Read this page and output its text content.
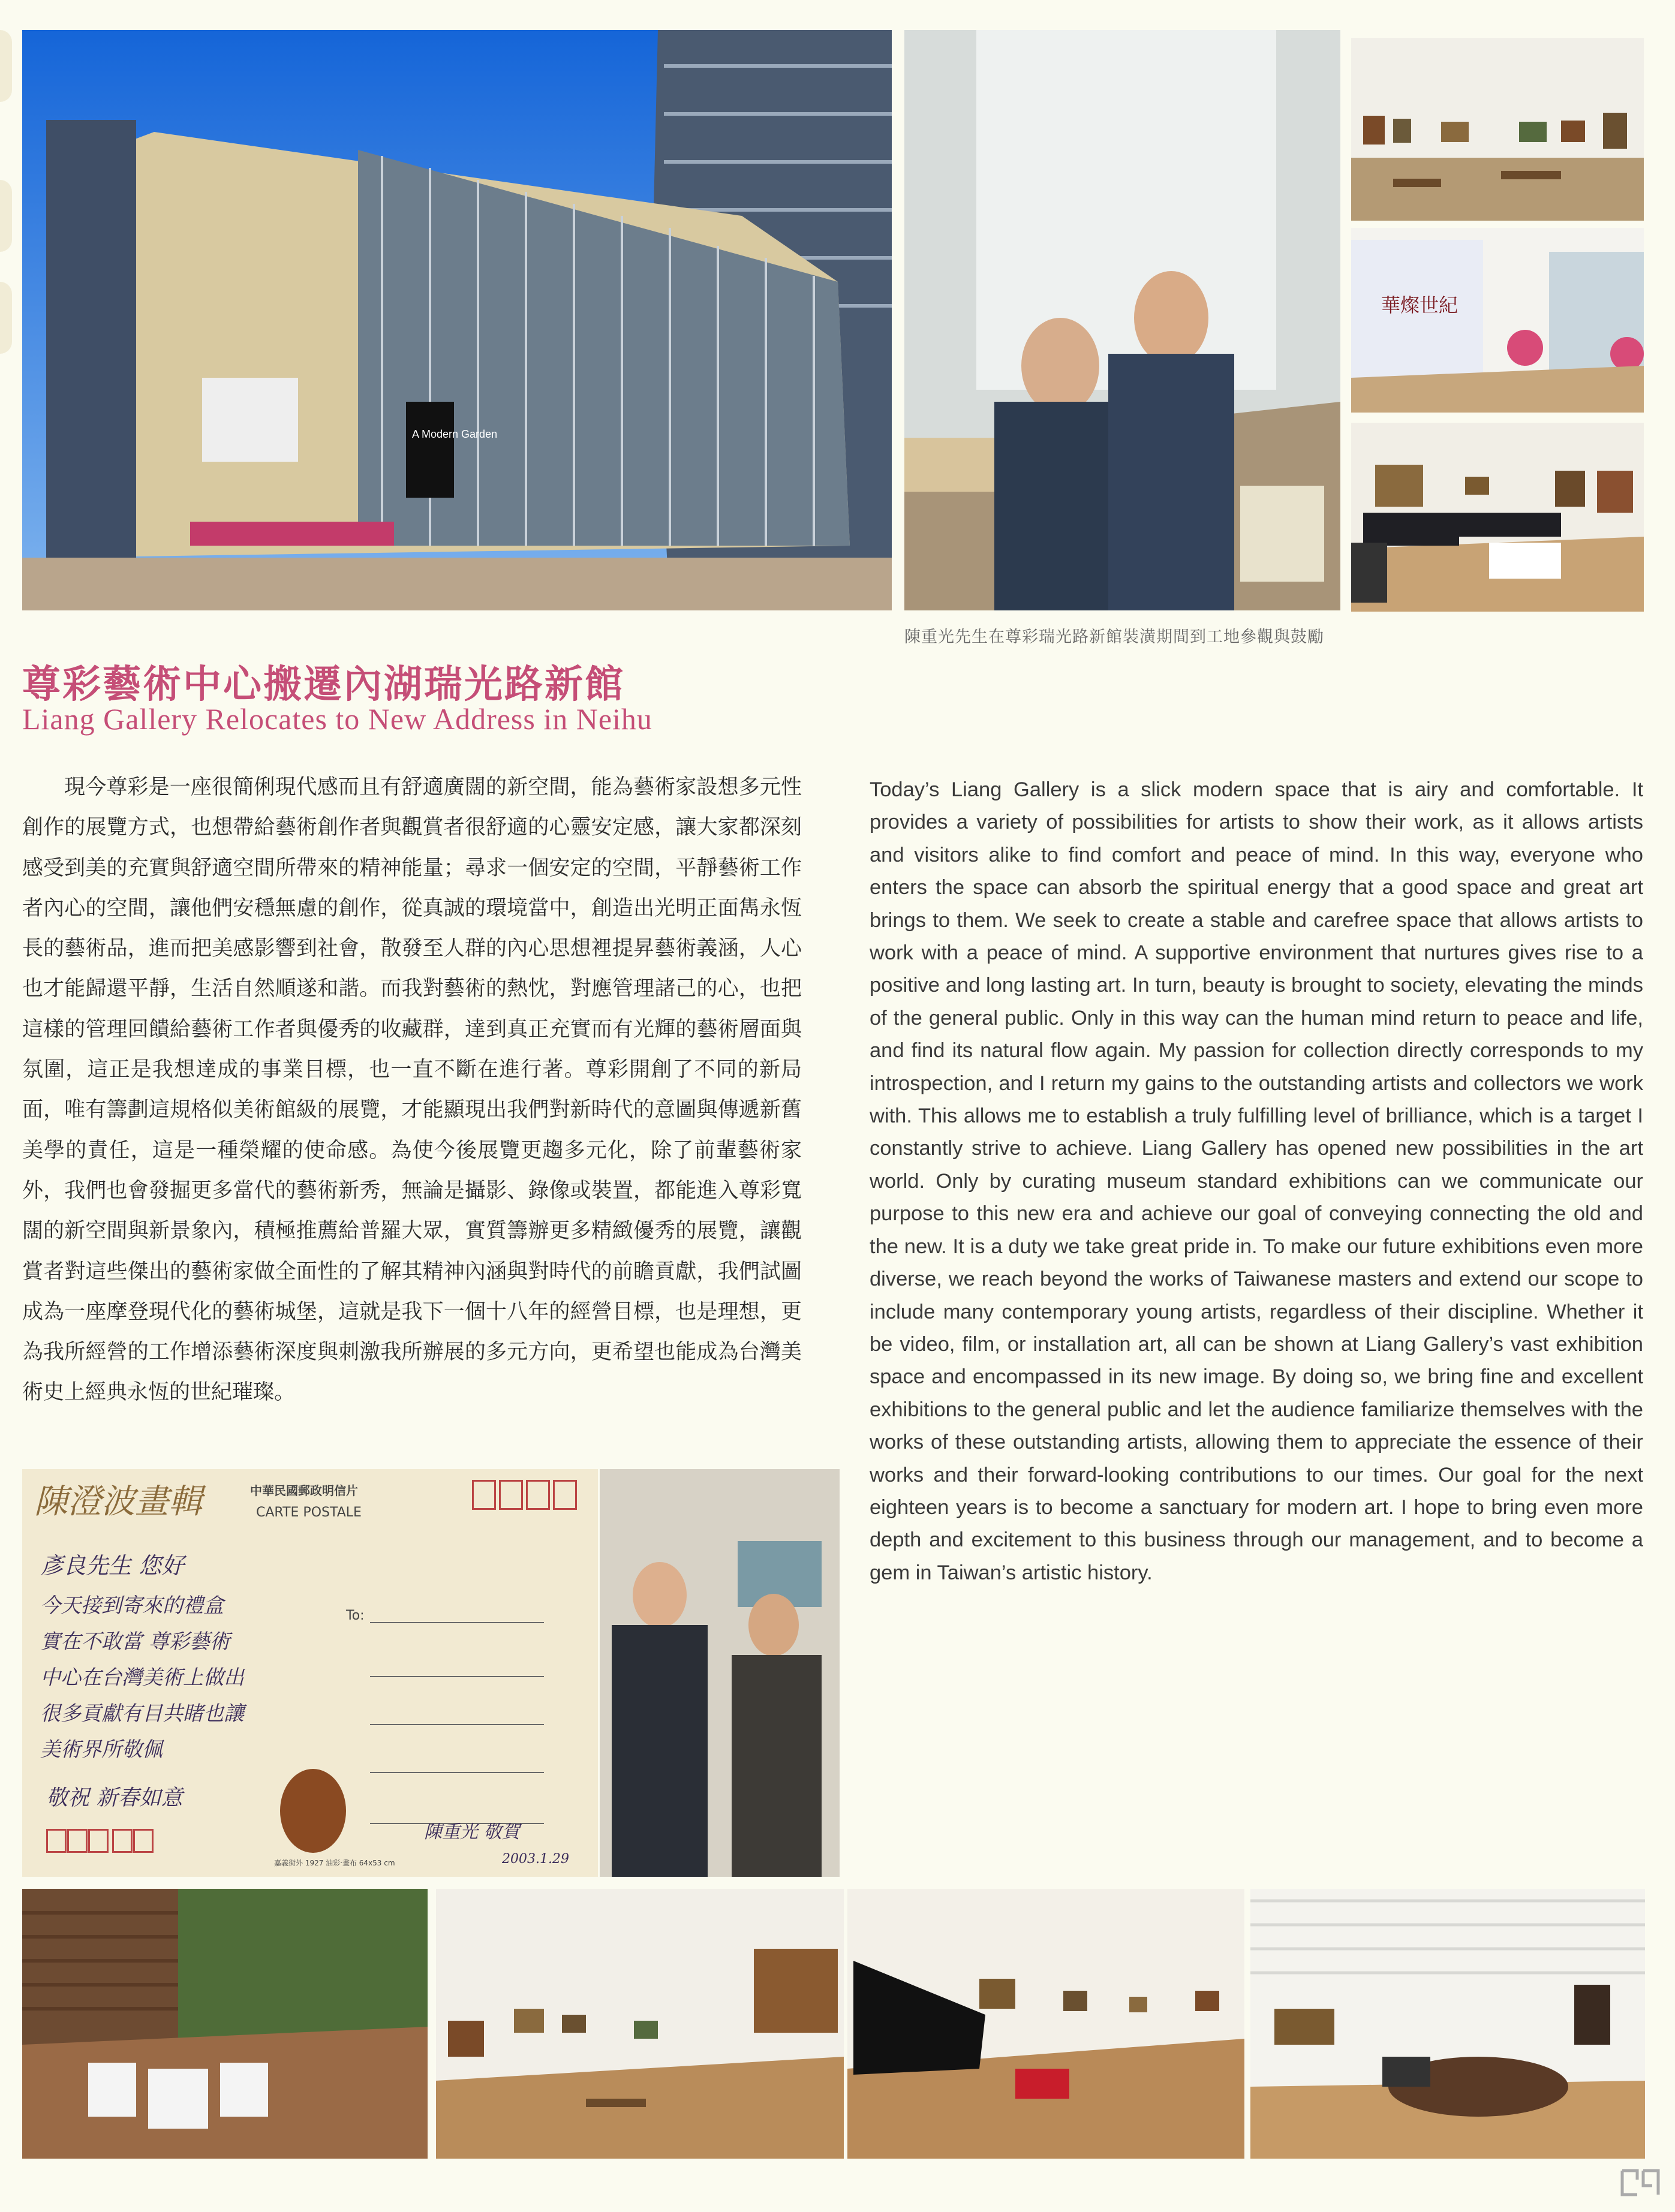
A Modern Garden
華燦世紀
陳重光先生在尊彩瑞光路新館裝潢期間到工地參觀與鼓勵
尊彩藝術中心搬遷內湖瑞光路新館
Liang Gallery Relocates to New Address in Neihu

現今尊彩是一座很簡俐現代感而且有舒適廣闊的新空間，能為藝術家設想多元性創作的展覽方式，也想帶給藝術創作者與觀賞者很舒適的心靈安定感，讓大家都深刻感受到美的充實與舒適空間所帶來的精神能量；尋求一個安定的空間，平靜藝術工作者內心的空間，讓他們安穩無慮的創作，從真誠的環境當中，創造出光明正面雋永恆長的藝術品，進而把美感影響到社會，散發至人群的內心思想裡提昇藝術義涵，人心也才能歸還平靜，生活自然順遂和諧。而我對藝術的熱忱，對應管理諸己的心，也把這樣的管理回饋給藝術工作者與優秀的收藏群，達到真正充實而有光輝的藝術層面與氛圍，這正是我想達成的事業目標，也一直不斷在進行著。尊彩開創了不同的新局面，唯有籌劃這規格似美術館級的展覽，才能顯現出我們對新時代的意圖與傳遞新舊美學的責任，這是一種榮耀的使命感。為使今後展覽更趨多元化，除了前輩藝術家外，我們也會發掘更多當代的藝術新秀，無論是攝影、錄像或裝置，都能進入尊彩寬闊的新空間與新景象內，積極推薦給普羅大眾，實質籌辦更多精緻優秀的展覽，讓觀賞者對這些傑出的藝術家做全面性的了解其精神內涵與對時代的前瞻貢獻，我們試圖成為一座摩登現代化的藝術城堡，這就是我下一個十八年的經營目標，也是理想，更為我所經營的工作增添藝術深度與刺激我所辦展的多元方向，更希望也能成為台灣美術史上經典永恆的世紀璀璨。

Today’s Liang Gallery is a slick modern space that is airy and comfortable. It provides a variety of possibilities for artists to show their work, as it allows artists and visitors alike to find comfort and peace of mind. In this way, everyone who enters the space can absorb the spiritual energy that a good space and great art brings to them. We seek to create a stable and carefree space that allows artists to work with a peace of mind. A supportive environment that nurtures gives rise to a positive and long lasting art. In turn, beauty is brought to society, elevating the minds of the general public. Only in this way can the human mind return to peace and life, and find its natural flow again. My passion for collection directly corresponds to my introspection, and I return my gains to the outstanding artists and collectors we work with. This allows me to establish a truly fulfilling level of brilliance, which is a target I constantly strive to achieve. Liang Gallery has opened new possibilities in the art world. Only by curating museum standard exhibitions can we communicate our purpose to this new era and achieve our goal of conveying connecting the old and the new. It is a duty we take great pride in. To make our future exhibitions even more diverse, we reach beyond the works of Taiwanese masters and extend our scope to include many contemporary young artists, regardless of their discipline. Whether it be video, film, or installation art, all can be shown at Liang Gallery’s vast exhibition space and encompassed in its new image. By doing so, we bring fine and excellent exhibitions to the general public and let the audience familiarize themselves with the works of these outstanding artists, allowing them to appreciate the essence of their works and their forward-looking contributions to our times. Our goal for the next eighteen years is to become a sanctuary for modern art. I hope to bring even more depth and excitement to this business through our management, and to become a gem in Taiwan’s artistic history.

陳澄波畫輯	中華民國郵政明信片
CARTE POSTALE
彥良先生 您好
今天接到寄來的禮盒
實在不敢當 尊彩藝術
中心在台灣美術上做出
很多貢獻有目共睹也讓
美術界所敬佩
敬祝 新春如意
To:
嘉義街外 1927 油彩‧畫布 64x53 cm
陳重光 敬賀
2003.1.29
